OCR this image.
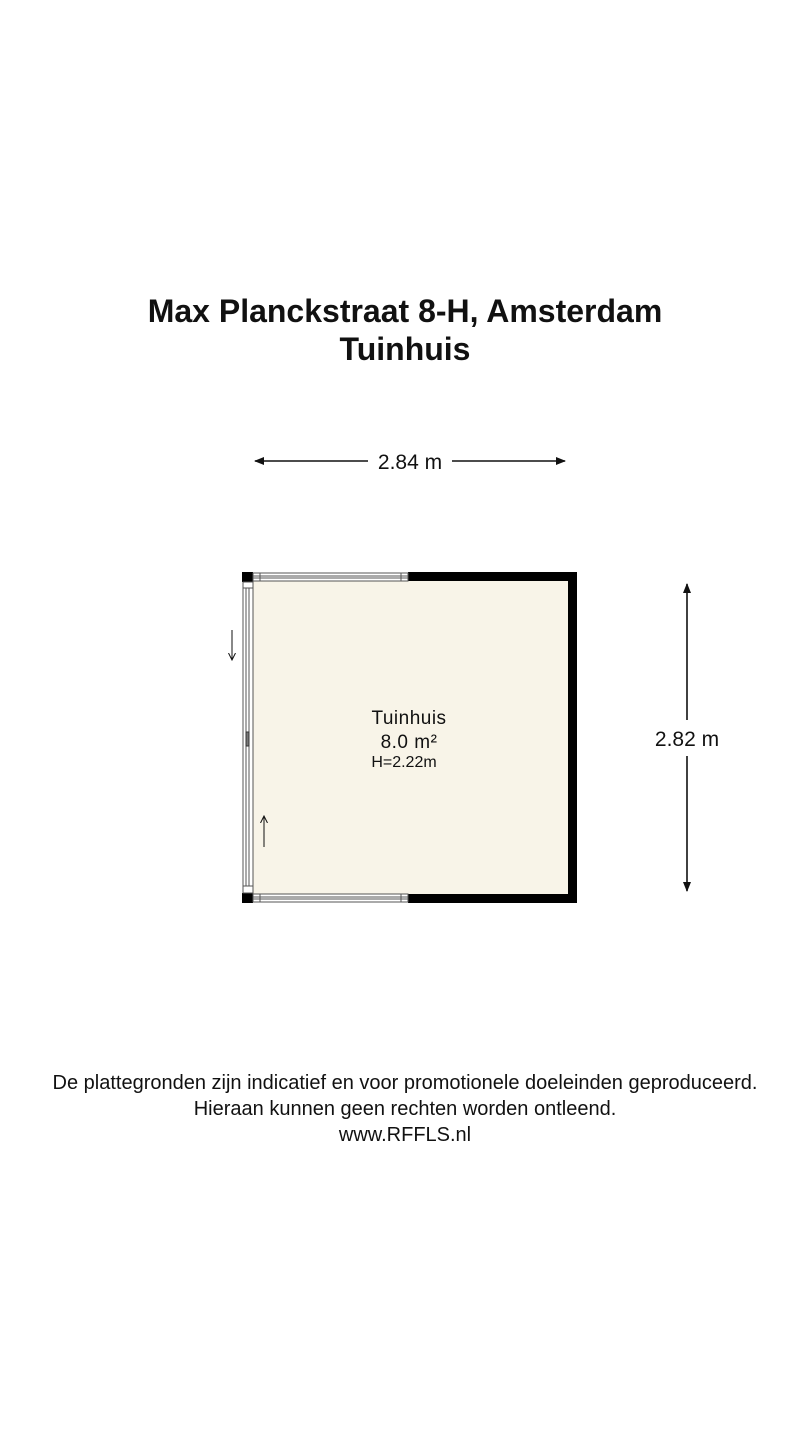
Max Planckstraat 8-H, Amsterdam
Tuinhuis
2.84 m
2.82 m
Tuinhuis
8.0 m²
H=2.22m
De plattegronden zijn indicatief en voor promotionele doeleinden geproduceerd.
Hieraan kunnen geen rechten worden ontleend.
www.RFFLS.nl
